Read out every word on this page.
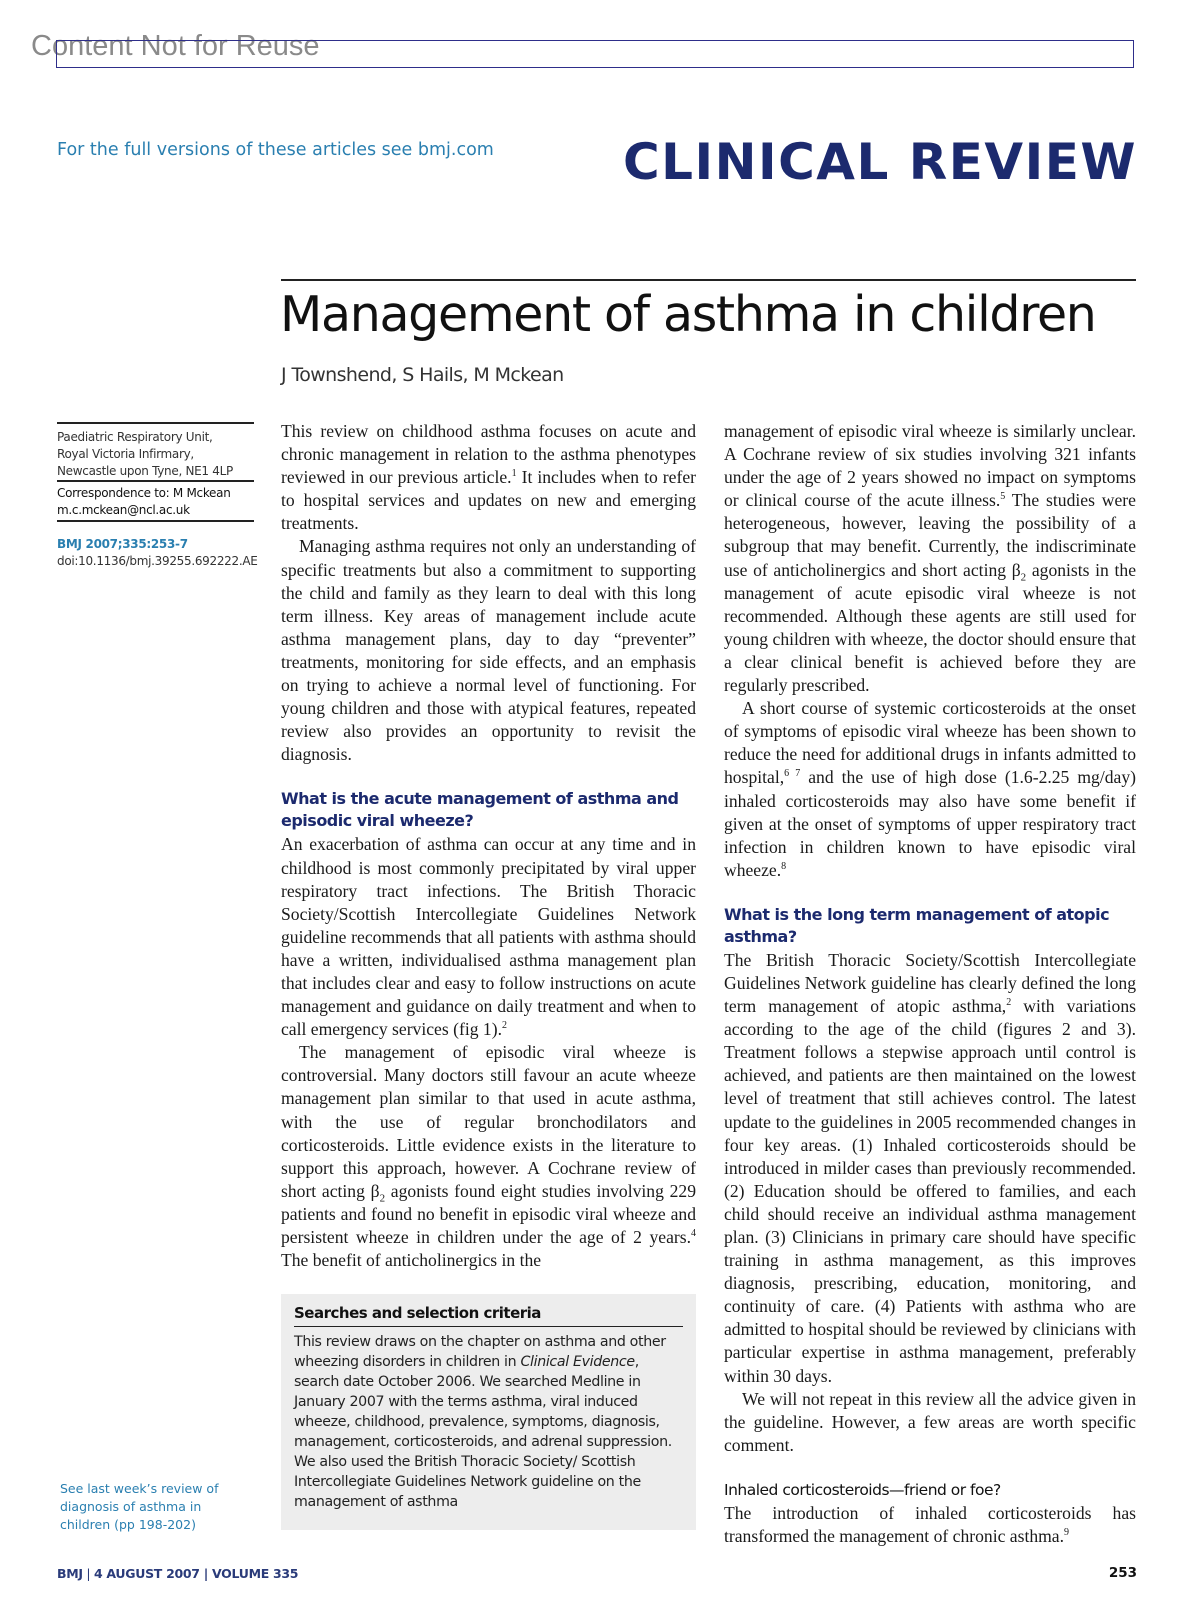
Content Not for Reuse
For the full versions of these articles see bmj.com	CLINICAL REVIEW
Management of asthma in children
J Townshend, S Hails, M Mckean
Paediatric Respiratory Unit,
Royal Victoria Infirmary,
Newcastle upon Tyne, NE1 4LP
Correspondence to: M Mckean
m.c.mckean@ncl.ac.uk
BMJ 2007;335:253-7
doi:10.1136/bmj.39255.692222.AE
See last week’s review of diagnosis of asthma in children (pp 198-202)

This review on childhood asthma focuses on acute and chronic management in relation to the asthma phenotypes reviewed in our previous article.$^1$ It includes when to refer to hospital services and updates on new and emerging treatments.

Managing asthma requires not only an understanding of specific treatments but also a commitment to supporting the child and family as they learn to deal with this long term illness. Key areas of management include acute asthma management plans, day to day “preventer” treatments, monitoring for side effects, and an emphasis on trying to achieve a normal level of functioning. For young children and those with atypical features, repeated review also provides an opportunity to revisit the diagnosis.

What is the acute management of asthma and episodic viral wheeze?

An exacerbation of asthma can occur at any time and in childhood is most commonly precipitated by viral upper respiratory tract infections. The British Thoracic Society/Scottish Intercollegiate Guidelines Network guideline recommends that all patients with asthma should have a written, individualised asthma management plan that includes clear and easy to follow instructions on acute management and guidance on daily treatment and when to call emergency services (fig 1).$^2$

The management of episodic viral wheeze is controversial. Many doctors still favour an acute wheeze management plan similar to that used in acute asthma, with the use of regular bronchodilators and corticosteroids. Little evidence exists in the literature to support this approach, however. A Cochrane review of short acting $\beta_2$ agonists found eight studies involving 229 patients and found no benefit in episodic viral wheeze and persistent wheeze in children under the age of 2 years.$^4$ The benefit of anticholinergics in the

Searches and selection criteria
This review draws on the chapter on asthma and other wheezing disorders in children in Clinical Evidence, search date October 2006. We searched Medline in January 2007 with the terms asthma, viral induced wheeze, childhood, prevalence, symptoms, diagnosis, management, corticosteroids, and adrenal suppression. We also used the British Thoracic Society/ Scottish Intercollegiate Guidelines Network guideline on the management of asthma

management of episodic viral wheeze is similarly unclear. A Cochrane review of six studies involving 321 infants under the age of 2 years showed no impact on symptoms or clinical course of the acute illness.$^5$ The studies were heterogeneous, however, leaving the possibility of a subgroup that may benefit. Currently, the indiscriminate use of anticholinergics and short acting $\beta_2$ agonists in the management of acute episodic viral wheeze is not recommended. Although these agents are still used for young children with wheeze, the doctor should ensure that a clear clinical benefit is achieved before they are regularly prescribed.

A short course of systemic corticosteroids at the onset of symptoms of episodic viral wheeze has been shown to reduce the need for additional drugs in infants admitted to hospital,$^{6 7}$ and the use of high dose (1.6-2.25 mg/day) inhaled corticosteroids may also have some benefit if given at the onset of symptoms of upper respiratory tract infection in children known to have episodic viral wheeze.$^8$

What is the long term management of atopic asthma?

The British Thoracic Society/Scottish Intercollegiate Guidelines Network guideline has clearly defined the long term management of atopic asthma,$^2$ with variations according to the age of the child (figures 2 and 3). Treatment follows a stepwise approach until control is achieved, and patients are then maintained on the lowest level of treatment that still achieves control. The latest update to the guidelines in 2005 recommended changes in four key areas. (1) Inhaled corticosteroids should be introduced in milder cases than previously recommended. (2) Education should be offered to families, and each child should receive an individual asthma management plan. (3) Clinicians in primary care should have specific training in asthma management, as this improves diagnosis, prescribing, education, monitoring, and continuity of care. (4) Patients with asthma who are admitted to hospital should be reviewed by clinicians with particular expertise in asthma management, preferably within 30 days.

We will not repeat in this review all the advice given in the guideline. However, a few areas are worth specific comment.

Inhaled corticosteroids—friend or foe?

The introduction of inhaled corticosteroids has transformed the management of chronic asthma.$^9$

BMJ | 4 AUGUST 2007 | VOLUME 335	253
